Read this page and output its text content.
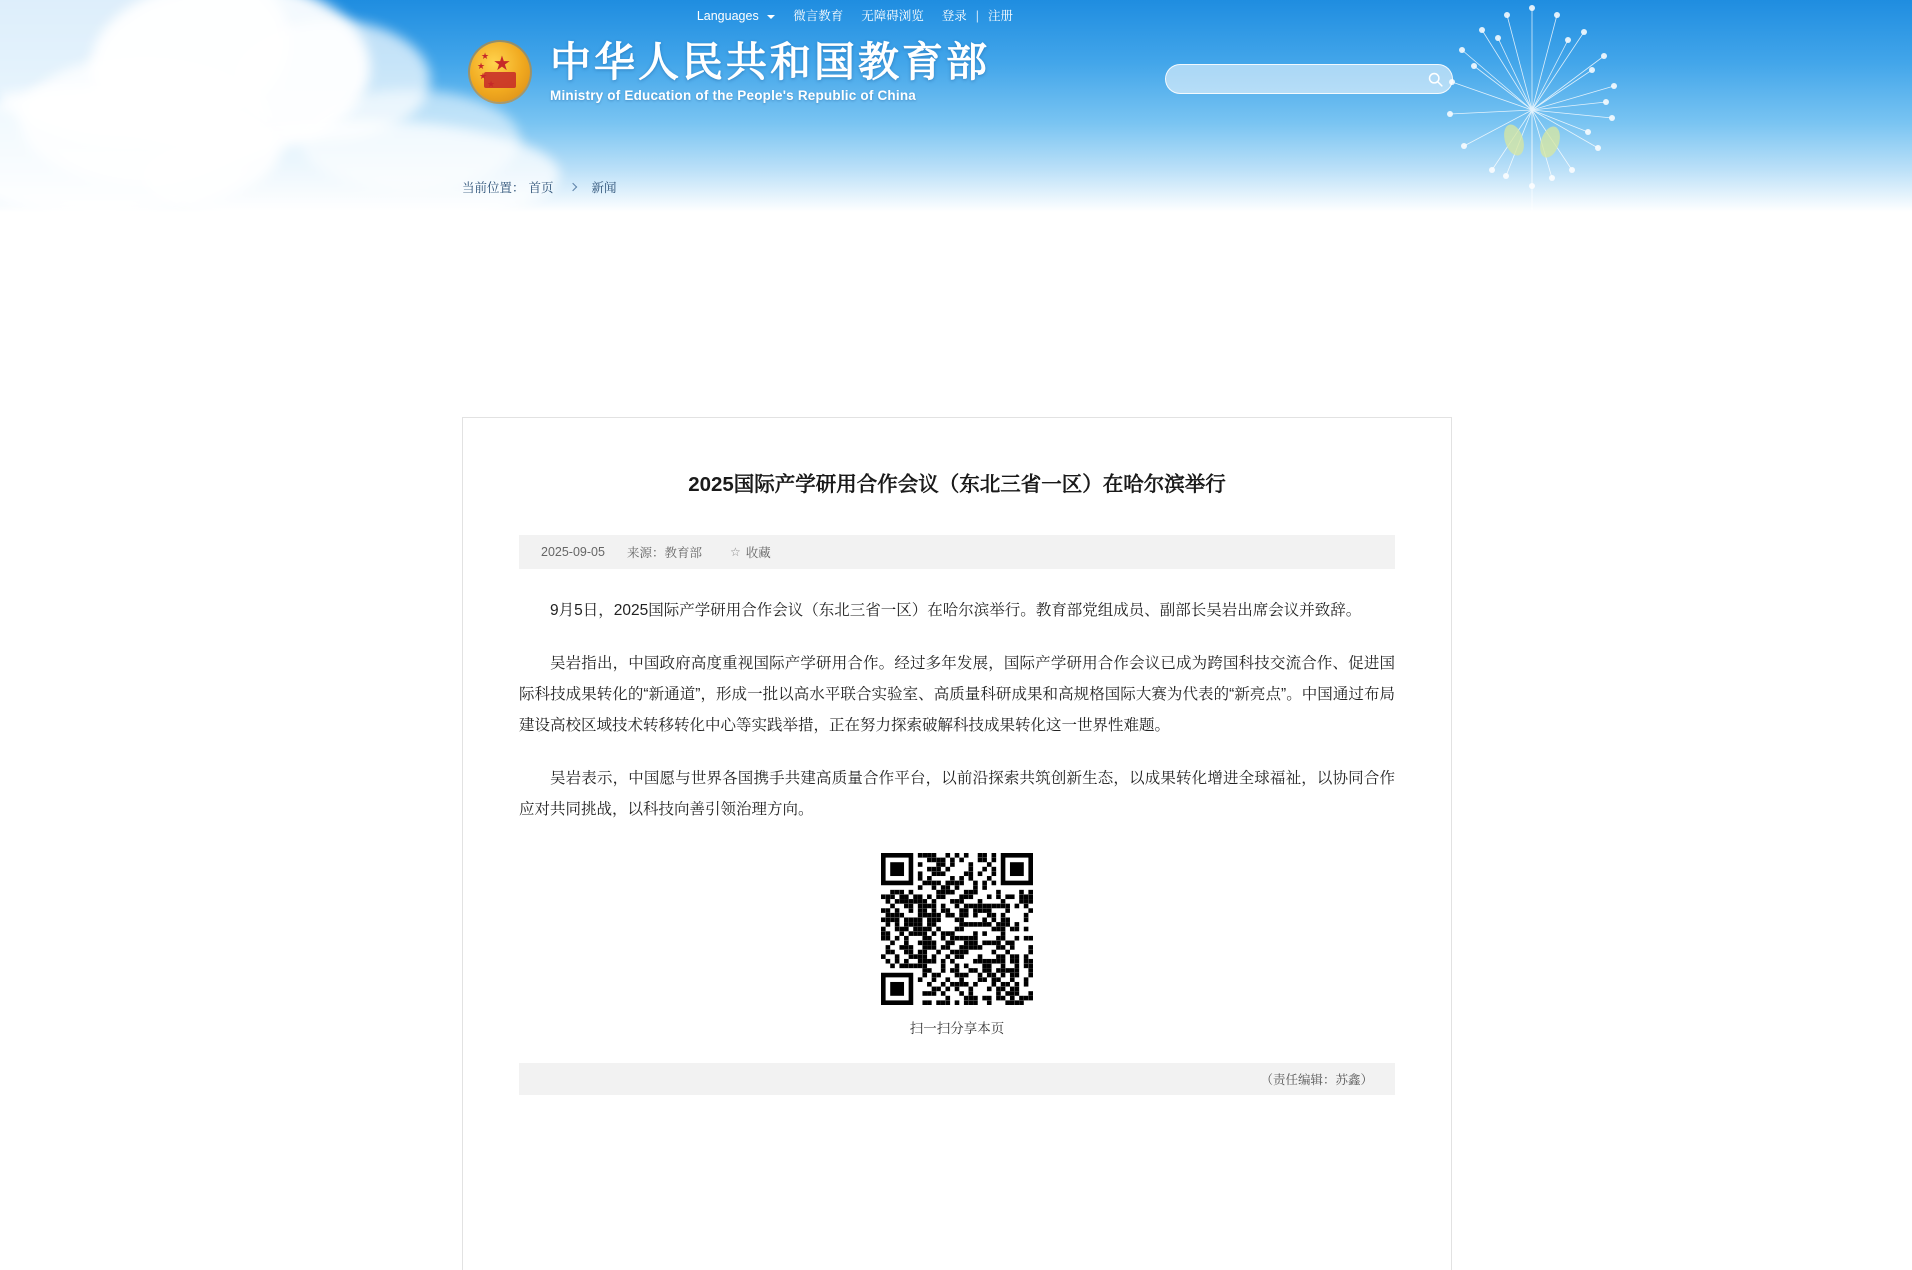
Languages	微言教育	无障碍浏览	登录 | 注册
★
★
★
★
★ 中华人民共和国教育部
Ministry of Education of the People's Republic of China
当前位置： 首页	新闻
2025国际产学研用合作会议（东北三省一区）在哈尔滨举行
2025-09-05 来源：教育部 ☆ 收藏

9月5日，2025国际产学研用合作会议（东北三省一区）在哈尔滨举行。教育部党组成员、副部长吴岩出席会议并致辞。

吴岩指出，中国政府高度重视国际产学研用合作。经过多年发展，国际产学研用合作会议已成为跨国科技交流合作、促进国际科技成果转化的“新通道”，形成一批以高水平联合实验室、高质量科研成果和高规格国际大赛为代表的“新亮点”。中国通过布局建设高校区域技术转移转化中心等实践举措，正在努力探索破解科技成果转化这一世界性难题。

吴岩表示，中国愿与世界各国携手共建高质量合作平台，以前沿探索共筑创新生态，以成果转化增进全球福祉，以协同合作应对共同挑战，以科技向善引领治理方向。

扫一扫分享本页
（责任编辑：苏鑫）
